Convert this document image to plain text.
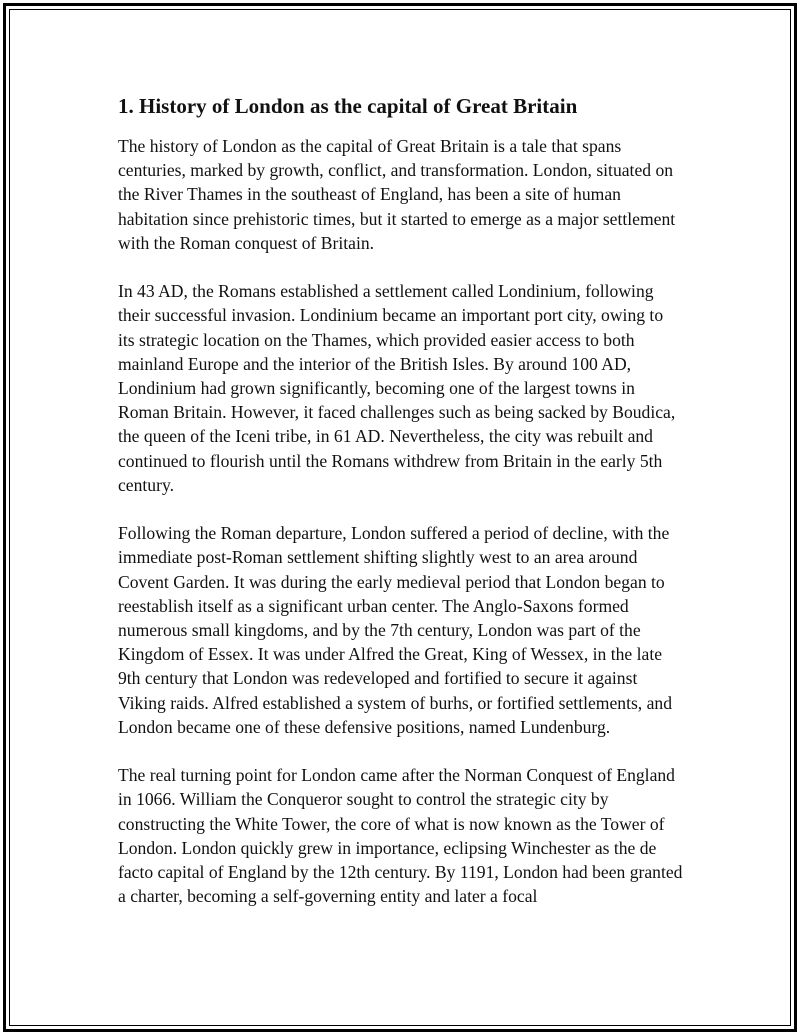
1. History of London as the capital of Great Britain

The history of London as the capital of Great Britain is a tale that spans centuries, marked by growth, conflict, and transformation. London, situated on the River Thames in the southeast of England, has been a site of human habitation since prehistoric times, but it started to emerge as a major settlement with the Roman conquest of Britain.

In 43 AD, the Romans established a settlement called Londinium, following their successful invasion. Londinium became an important port city, owing to its strategic location on the Thames, which provided easier access to both mainland Europe and the interior of the British Isles. By around 100 AD, Londinium had grown significantly, becoming one of the largest towns in Roman Britain. However, it faced challenges such as being sacked by Boudica, the queen of the Iceni tribe, in 61 AD. Nevertheless, the city was rebuilt and continued to flourish until the Romans withdrew from Britain in the early 5th century.

Following the Roman departure, London suffered a period of decline, with the immediate post-Roman settlement shifting slightly west to an area around Covent Garden. It was during the early medieval period that London began to reestablish itself as a significant urban center. The Anglo-Saxons formed numerous small kingdoms, and by the 7th century, London was part of the Kingdom of Essex. It was under Alfred the Great, King of Wessex, in the late 9th century that London was redeveloped and fortified to secure it against Viking raids. Alfred established a system of burhs, or fortified settlements, and London became one of these defensive positions, named Lundenburg.

The real turning point for London came after the Norman Conquest of England in 1066. William the Conqueror sought to control the strategic city by constructing the White Tower, the core of what is now known as the Tower of London. London quickly grew in importance, eclipsing Winchester as the de facto capital of England by the 12th century. By 1191, London had been granted a charter, becoming a self-governing entity and later a focal
